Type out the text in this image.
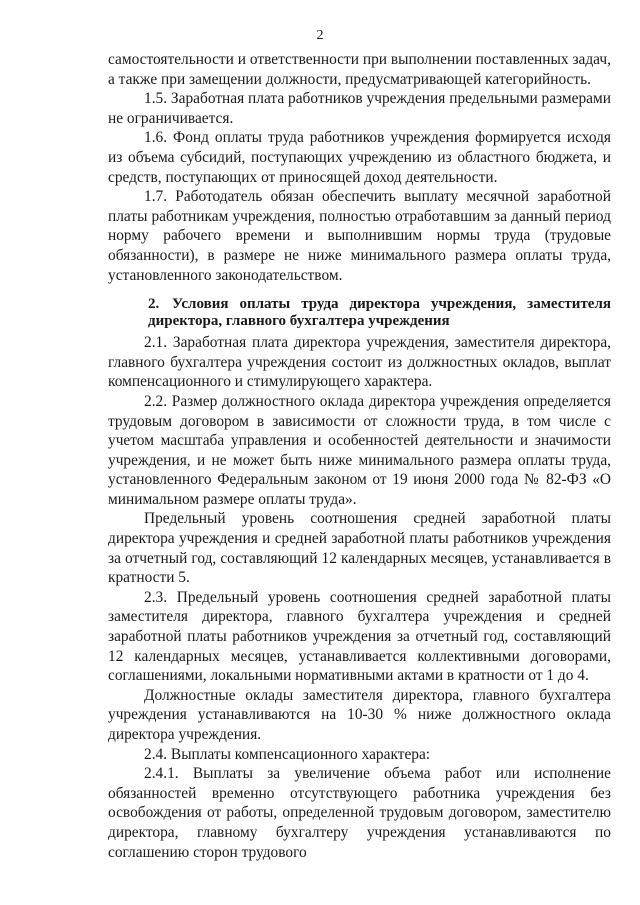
2

самостоятельности и ответственности при выполнении поставленных задач, а также при замещении должности, предусматривающей категорийность.

1.5. Заработная плата работников учреждения предельными размерами не ограничивается.

1.6. Фонд оплаты труда работников учреждения формируется исходя из объема субсидий, поступающих учреждению из областного бюджета, и средств, поступающих от приносящей доход деятельности.

1.7. Работодатель обязан обеспечить выплату месячной заработной платы работникам учреждения, полностью отработавшим за данный период норму рабочего времени и выполнившим нормы труда (трудовые обязанности), в размере не ниже минимального размера оплаты труда, установленного законодательством.

2. Условия оплаты труда директора учреждения, заместителя директора, главного бухгалтера учреждения

2.1. Заработная плата директора учреждения, заместителя директора, главного бухгалтера учреждения состоит из должностных окладов, выплат компенсационного и стимулирующего характера.

2.2. Размер должностного оклада директора учреждения определяется трудовым договором в зависимости от сложности труда, в том числе с учетом масштаба управления и особенностей деятельности и значимости учреждения, и не может быть ниже минимального размера оплаты труда, установленного Федеральным законом от 19 июня 2000 года № 82-ФЗ «О минимальном размере оплаты труда».

Предельный уровень соотношения средней заработной платы директора учреждения и средней заработной платы работников учреждения за отчетный год, составляющий 12 календарных месяцев, устанавливается в кратности 5.

2.3. Предельный уровень соотношения средней заработной платы заместителя директора, главного бухгалтера учреждения и средней заработной платы работников учреждения за отчетный год, составляющий 12 календарных месяцев, устанавливается коллективными договорами, соглашениями, локальными нормативными актами в кратности от 1 до 4.

Должностные оклады заместителя директора, главного бухгалтера учреждения устанавливаются на 10-30 % ниже должностного оклада директора учреждения.

2.4. Выплаты компенсационного характера:

2.4.1. Выплаты за увеличение объема работ или исполнение обязанностей временно отсутствующего работника учреждения без освобождения от работы, определенной трудовым договором, заместителю директора, главному бухгалтеру учреждения устанавливаются по соглашению сторон трудового
